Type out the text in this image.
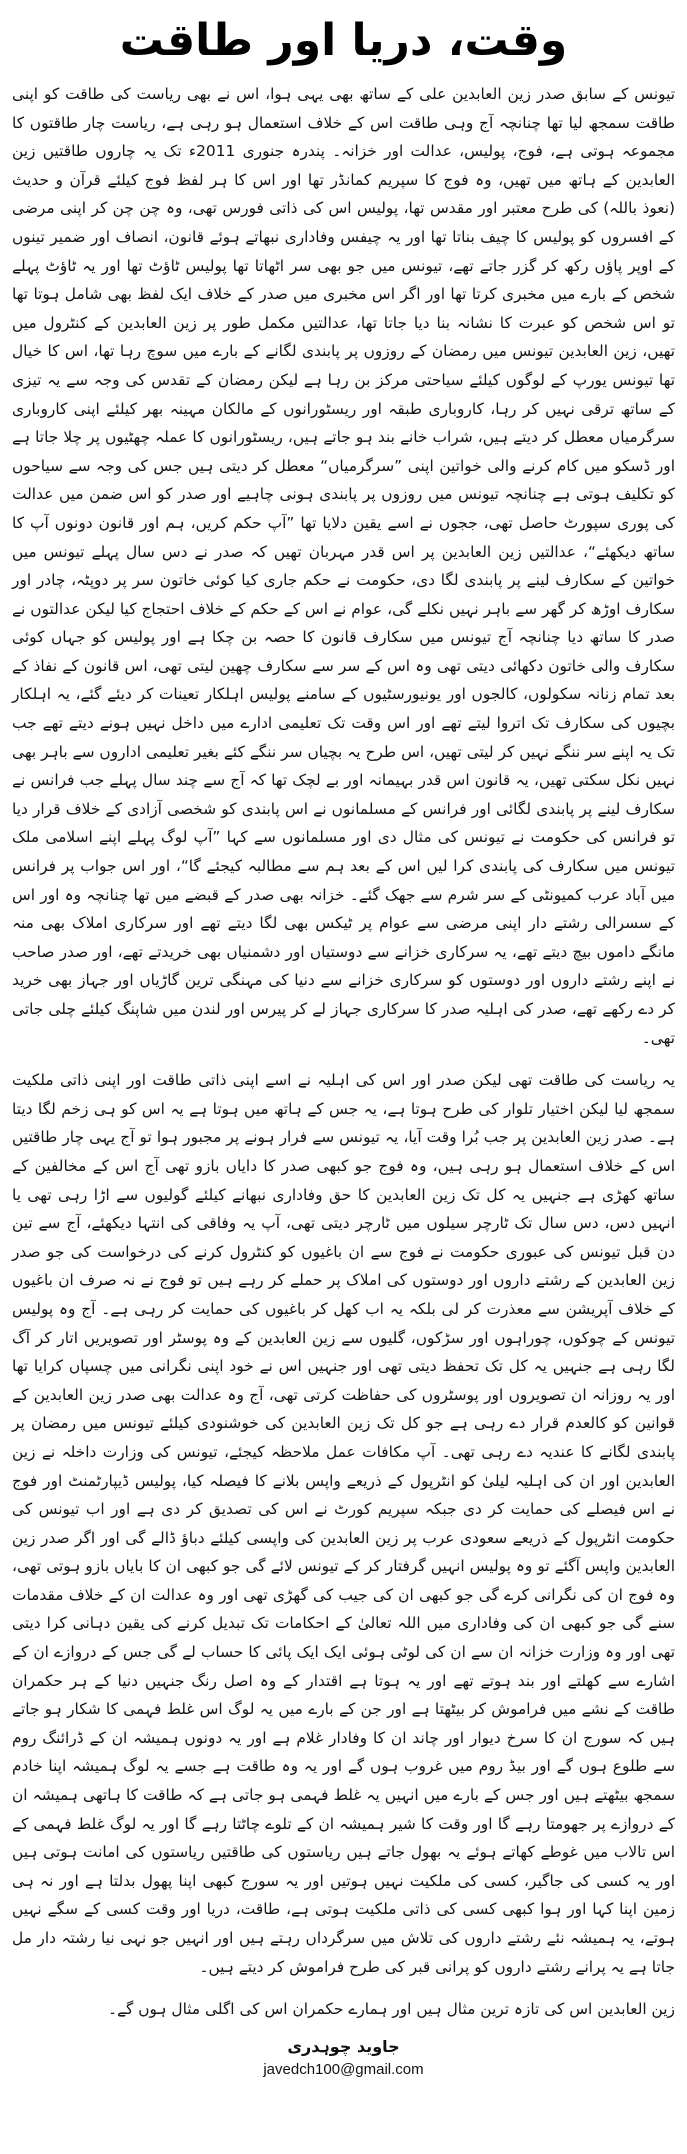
وقت، دریا اور طاقت

تیونس کے سابق صدر زین العابدین علی کے ساتھ بھی یہی ہوا، اس نے بھی ریاست کی طاقت کو اپنی طاقت سمجھ لیا تھا چنانچہ آج وہی طاقت اس کے خلاف استعمال ہو رہی ہے، ریاست چار طاقتوں کا مجموعہ ہوتی ہے، فوج، پولیس، عدالت اور خزانہ۔ پندرہ جنوری 2011ء تک یہ چاروں طاقتیں زین العابدین کے ہاتھ میں تھیں، وہ فوج کا سپریم کمانڈر تھا اور اس کا ہر لفظ فوج کیلئے قرآن و حدیث (نعوذ باللہ) کی طرح معتبر اور مقدس تھا، پولیس اس کی ذاتی فورس تھی، وہ چن چن کر اپنی مرضی کے افسروں کو پولیس کا چیف بناتا تھا اور یہ چیفس وفاداری نبھاتے ہوئے قانون، انصاف اور ضمیر تینوں کے اوپر پاؤں رکھ کر گزر جاتے تھے، تیونس میں جو بھی سر اٹھاتا تھا پولیس ٹاؤٹ تھا اور یہ ٹاؤٹ پہلے شخص کے بارے میں مخبری کرتا تھا اور اگر اس مخبری میں صدر کے خلاف ایک لفظ بھی شامل ہوتا تھا تو اس شخص کو عبرت کا نشانہ بنا دیا جاتا تھا، عدالتیں مکمل طور پر زین العابدین کے کنٹرول میں تھیں، زین العابدین تیونس میں رمضان کے روزوں پر پابندی لگانے کے بارے میں سوچ رہا تھا، اس کا خیال تھا تیونس یورپ کے لوگوں کیلئے سیاحتی مرکز بن رہا ہے لیکن رمضان کے تقدس کی وجہ سے یہ تیزی کے ساتھ ترقی نہیں کر رہا، کاروباری طبقہ اور ریسٹورانوں کے مالکان مہینہ بھر کیلئے اپنی کاروباری سرگرمیاں معطل کر دیتے ہیں، شراب خانے بند ہو جاتے ہیں، ریسٹورانوں کا عملہ چھٹیوں پر چلا جاتا ہے اور ڈسکو میں کام کرنے والی خواتین اپنی ”سرگرمیاں“ معطل کر دیتی ہیں جس کی وجہ سے سیاحوں کو تکلیف ہوتی ہے چنانچہ تیونس میں روزوں پر پابندی ہونی چاہیے اور صدر کو اس ضمن میں عدالت کی پوری سپورٹ حاصل تھی، ججوں نے اسے یقین دلایا تھا ”آپ حکم کریں، ہم اور قانون دونوں آپ کا ساتھ دیکھئے“، عدالتیں زین العابدین پر اس قدر مہربان تھیں کہ صدر نے دس سال پہلے تیونس میں خواتین کے سکارف لینے پر پابندی لگا دی، حکومت نے حکم جاری کیا کوئی خاتون سر پر دوپٹہ، چادر اور سکارف اوڑھ کر گھر سے باہر نہیں نکلے گی، عوام نے اس کے حکم کے خلاف احتجاج کیا لیکن عدالتوں نے صدر کا ساتھ دیا چنانچہ آج تیونس میں سکارف قانون کا حصہ بن چکا ہے اور پولیس کو جہاں کوئی سکارف والی خاتون دکھائی دیتی تھی وہ اس کے سر سے سکارف چھین لیتی تھی، اس قانون کے نفاذ کے بعد تمام زنانہ سکولوں، کالجوں اور یونیورسٹیوں کے سامنے پولیس اہلکار تعینات کر دیئے گئے، یہ اہلکار بچیوں کی سکارف تک اتروا لیتے تھے اور اس وقت تک تعلیمی ادارے میں داخل نہیں ہونے دیتے تھے جب تک یہ اپنے سر ننگے نہیں کر لیتی تھیں، اس طرح یہ بچیاں سر ننگے کئے بغیر تعلیمی اداروں سے باہر بھی نہیں نکل سکتی تھیں، یہ قانون اس قدر بہیمانہ اور بے لچک تھا کہ آج سے چند سال پہلے جب فرانس نے سکارف لینے پر پابندی لگائی اور فرانس کے مسلمانوں نے اس پابندی کو شخصی آزادی کے خلاف قرار دیا تو فرانس کی حکومت نے تیونس کی مثال دی اور مسلمانوں سے کہا ”آپ لوگ پہلے اپنے اسلامی ملک تیونس میں سکارف کی پابندی کرا لیں اس کے بعد ہم سے مطالبہ کیجئے گا“، اور اس جواب پر فرانس میں آباد عرب کمیونٹی کے سر شرم سے جھک گئے۔ خزانہ بھی صدر کے قبضے میں تھا چنانچہ وہ اور اس کے سسرالی رشتے دار اپنی مرضی سے عوام پر ٹیکس بھی لگا دیتے تھے اور سرکاری املاک بھی منہ مانگے داموں بیچ دیتے تھے، یہ سرکاری خزانے سے دوستیاں اور دشمنیاں بھی خریدتے تھے، اور صدر صاحب نے اپنے رشتے داروں اور دوستوں کو سرکاری خزانے سے دنیا کی مہنگی ترین گاڑیاں اور جہاز بھی خرید کر دے رکھے تھے، صدر کی اہلیہ صدر کا سرکاری جہاز لے کر پیرس اور لندن میں شاپنگ کیلئے چلی جاتی تھی۔

یہ ریاست کی طاقت تھی لیکن صدر اور اس کی اہلیہ نے اسے اپنی ذاتی طاقت اور اپنی ذاتی ملکیت سمجھ لیا لیکن اختیار تلوار کی طرح ہوتا ہے، یہ جس کے ہاتھ میں ہوتا ہے یہ اس کو ہی زخم لگا دیتا ہے۔ صدر زین العابدین پر جب بُرا وقت آیا، یہ تیونس سے فرار ہونے پر مجبور ہوا تو آج یہی چار طاقتیں اس کے خلاف استعمال ہو رہی ہیں، وہ فوج جو کبھی صدر کا دایاں بازو تھی آج اس کے مخالفین کے ساتھ کھڑی ہے جنہیں یہ کل تک زین العابدین کا حق وفاداری نبھانے کیلئے گولیوں سے اڑا رہی تھی یا انہیں دس، دس سال تک ٹارچر سیلوں میں ٹارچر دیتی تھی، آپ یہ وفاقی کی انتہا دیکھئے، آج سے تین دن قبل تیونس کی عبوری حکومت نے فوج سے ان باغیوں کو کنٹرول کرنے کی درخواست کی جو صدر زین العابدین کے رشتے داروں اور دوستوں کی املاک پر حملے کر رہے ہیں تو فوج نے نہ صرف ان باغیوں کے خلاف آپریشن سے معذرت کر لی بلکہ یہ اب کھل کر باغیوں کی حمایت کر رہی ہے۔ آج وہ پولیس تیونس کے چوکوں، چوراہوں اور سڑکوں، گلیوں سے زین العابدین کے وہ پوسٹر اور تصویریں اتار کر آگ لگا رہی ہے جنہیں یہ کل تک تحفظ دیتی تھی اور جنہیں اس نے خود اپنی نگرانی میں چسپاں کرایا تھا اور یہ روزانہ ان تصویروں اور پوسٹروں کی حفاظت کرتی تھی، آج وہ عدالت بھی صدر زین العابدین کے قوانین کو کالعدم قرار دے رہی ہے جو کل تک زین العابدین کی خوشنودی کیلئے تیونس میں رمضان پر پابندی لگانے کا عندیہ دے رہی تھی۔ آپ مکافات عمل ملاحظہ کیجئے، تیونس کی وزارت داخلہ نے زین العابدین اور ان کی اہلیہ لیلیٰ کو انٹرپول کے ذریعے واپس بلانے کا فیصلہ کیا، پولیس ڈیپارٹمنٹ اور فوج نے اس فیصلے کی حمایت کر دی جبکہ سپریم کورٹ نے اس کی تصدیق کر دی ہے اور اب تیونس کی حکومت انٹرپول کے ذریعے سعودی عرب پر زین العابدین کی واپسی کیلئے دباؤ ڈالے گی اور اگر صدر زین العابدین واپس آگئے تو وہ پولیس انہیں گرفتار کر کے تیونس لائے گی جو کبھی ان کا بایاں بازو ہوتی تھی، وہ فوج ان کی نگرانی کرے گی جو کبھی ان کی جیب کی گھڑی تھی اور وہ عدالت ان کے خلاف مقدمات سنے گی جو کبھی ان کی وفاداری میں اللہ تعالیٰ کے احکامات تک تبدیل کرنے کی یقین دہانی کرا دیتی تھی اور وہ وزارت خزانہ ان سے ان کی لوٹی ہوئی ایک ایک پائی کا حساب لے گی جس کے دروازے ان کے اشارے سے کھلتے اور بند ہوتے تھے اور یہ ہوتا ہے اقتدار کے وہ اصل رنگ جنہیں دنیا کے ہر حکمران طاقت کے نشے میں فراموش کر بیٹھتا ہے اور جن کے بارے میں یہ لوگ اس غلط فہمی کا شکار ہو جاتے ہیں کہ سورج ان کا سرخ دیوار اور چاند ان کا وفادار غلام ہے اور یہ دونوں ہمیشہ ان کے ڈرائنگ روم سے طلوع ہوں گے اور بیڈ روم میں غروب ہوں گے اور یہ وہ طاقت ہے جسے یہ لوگ ہمیشہ اپنا خادم سمجھ بیٹھتے ہیں اور جس کے بارے میں انہیں یہ غلط فہمی ہو جاتی ہے کہ طاقت کا ہاتھی ہمیشہ ان کے دروازے پر جھومتا رہے گا اور وقت کا شیر ہمیشہ ان کے تلوے چاٹتا رہے گا اور یہ لوگ غلط فہمی کے اس تالاب میں غوطے کھاتے ہوئے یہ بھول جاتے ہیں ریاستوں کی طاقتیں ریاستوں کی امانت ہوتی ہیں اور یہ کسی کی جاگیر، کسی کی ملکیت نہیں ہوتیں اور یہ سورج کبھی اپنا پھول بدلتا ہے اور نہ ہی زمین اپنا کہا اور ہوا کبھی کسی کی ذاتی ملکیت ہوتی ہے، طاقت، دریا اور وقت کسی کے سگے نہیں ہوتے، یہ ہمیشہ نئے رشتے داروں کی تلاش میں سرگرداں رہتے ہیں اور انہیں جو نہی نیا رشتہ دار مل جاتا ہے یہ پرانے رشتے داروں کو پرانی قبر کی طرح فراموش کر دیتے ہیں۔

زین العابدین اس کی تازہ ترین مثال ہیں اور ہمارے حکمران اس کی اگلی مثال ہوں گے۔

جاوید چوہدری
javedch100@gmail.com
